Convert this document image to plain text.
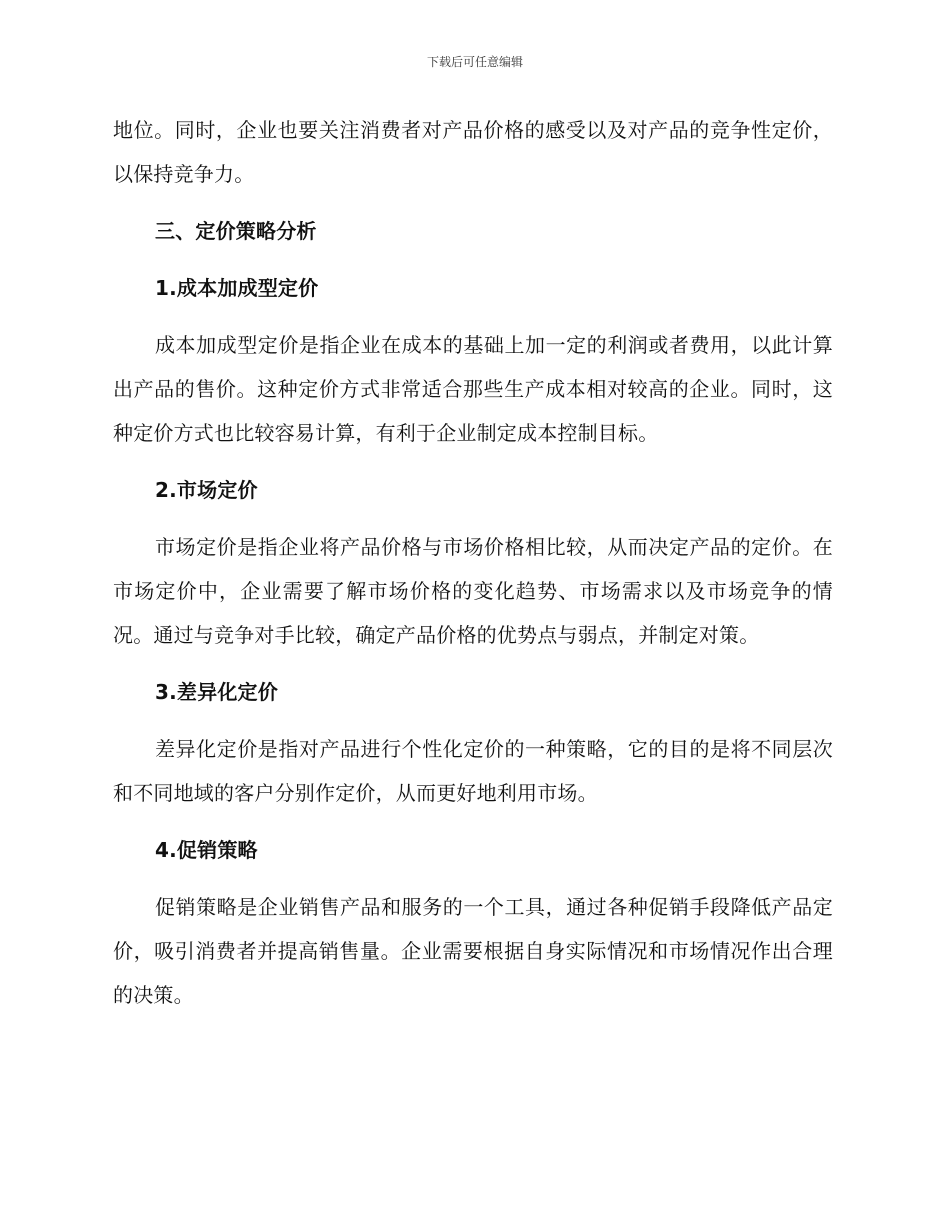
下载后可任意编辑

地位。同时，企业也要关注消费者对产品价格的感受以及对产品的竞争性定价，以保持竞争力。

三、定价策略分析

1.成本加成型定价

成本加成型定价是指企业在成本的基础上加一定的利润或者费用，以此计算出产品的售价。这种定价方式非常适合那些生产成本相对较高的企业。同时，这种定价方式也比较容易计算，有利于企业制定成本控制目标。

2.市场定价

市场定价是指企业将产品价格与市场价格相比较，从而决定产品的定价。在市场定价中，企业需要了解市场价格的变化趋势、市场需求以及市场竞争的情况。通过与竞争对手比较，确定产品价格的优势点与弱点，并制定对策。

3.差异化定价

差异化定价是指对产品进行个性化定价的一种策略，它的目的是将不同层次和不同地域的客户分别作定价，从而更好地利用市场。

4.促销策略

促销策略是企业销售产品和服务的一个工具，通过各种促销手段降低产品定价，吸引消费者并提高销售量。企业需要根据自身实际情况和市场情况作出合理的决策。
